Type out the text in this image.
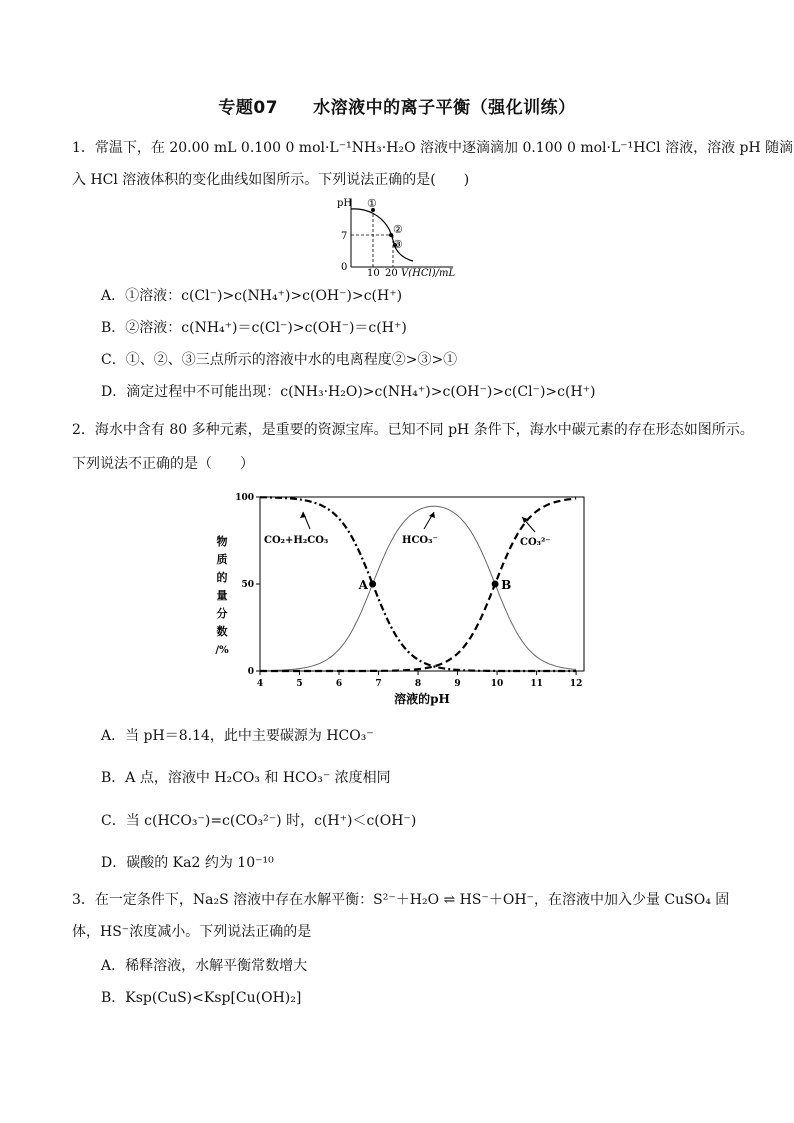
专题07　　水溶液中的离子平衡（强化训练）
1．常温下，在 20.00 mL 0.100 0 mol·L⁻¹NH₃·H₂O 溶液中逐滴滴加 0.100 0 mol·L⁻¹HCl 溶液，溶液 pH 随滴
入 HCl 溶液体积的变化曲线如图所示。下列说法正确的是(　　)
pH
0
7
10 20 V(HCl)/mL
①
②
③
A．①溶液：c(Cl⁻)>c(NH₄⁺)>c(OH⁻)>c(H⁺)
B．②溶液：c(NH₄⁺)＝c(Cl⁻)>c(OH⁻)＝c(H⁺)
C．①、②、③三点所示的溶液中水的电离程度②>③>①
D．滴定过程中不可能出现：c(NH₃·H₂O)>c(NH₄⁺)>c(OH⁻)>c(Cl⁻)>c(H⁺)
2．海水中含有 80 多种元素，是重要的资源宝库。已知不同 pH 条件下，海水中碳元素的存在形态如图所示。
下列说法不正确的是（　　）
4	5	6	7	8	9	10	11	12
0
50
100
CO₂+H₂CO₃	HCO₃⁻	CO₃²⁻
A	B
溶液的pH
物
质
的
量
分
数
/%
A．当 pH＝8.14，此中主要碳源为 HCO₃⁻
B．A 点，溶液中 H₂CO₃ 和 HCO₃⁻ 浓度相同
C．当 c(HCO₃⁻)=c(CO₃²⁻) 时，c(H⁺)＜c(OH⁻)
D．碳酸的 Ka2 约为 10⁻¹⁰
3．在一定条件下，Na₂S 溶液中存在水解平衡：S²⁻＋H₂O ⇌ HS⁻＋OH⁻，在溶液中加入少量 CuSO₄ 固
体，HS⁻浓度减小。下列说法正确的是
A．稀释溶液，水解平衡常数增大
B．Ksp(CuS)<Ksp[Cu(OH)₂]
